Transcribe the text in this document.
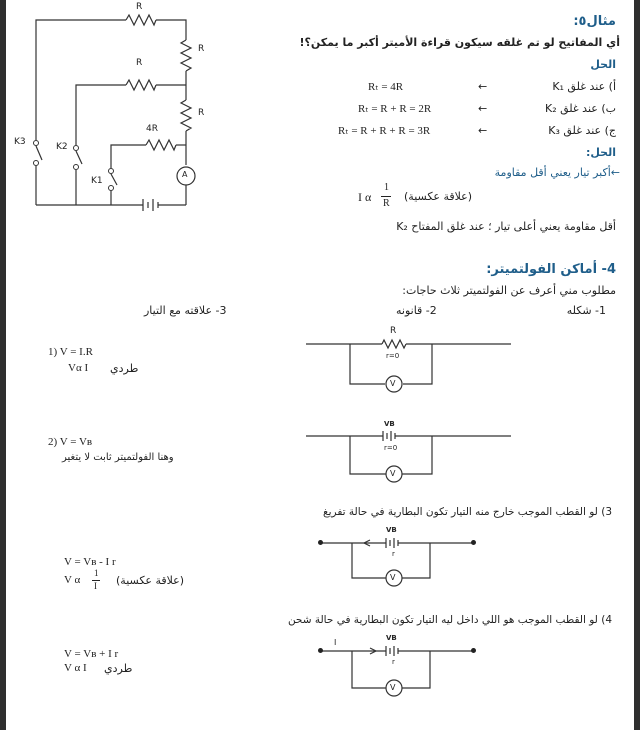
R
R
R
R
4R
K3	K2
K1
A
مثال٥:
أي المفاتيح لو تم غلقه سيكون قراءة الأميتر أكبر ما يمكن؟!
الحل
أ) عند غلق K₁
←
Rₜ = 4R
ب) عند غلق K₂
←
Rₜ = R + R = 2R
ج) عند غلق K₃
←
Rₜ = R + R + R = 3R
الحل:
←أكبر تيار يعني أقل مقاومة
I α
1
R
(علاقة عكسية)
أقل مقاومة يعني أعلى تيار ؛ عند غلق المفتاح K₂
4- أماكن الفولتميتر:
مطلوب مني أعرف عن الفولتميتر ثلاث حاجات:
1- شكله
2- قانونه
3- علاقته مع التيار
1) V = I.R
Vα I طردي
R
r=0
V
2) V = Vʙ
وهنا الفولتميتر ثابت لا يتغير
VB
r=0
V
3) لو القطب الموجب خارج منه التيار تكون البطارية في حالة تفريغ
VB
r
V
V = Vʙ - I r
V α
1
I (علاقة عكسية)
4) لو القطب الموجب هو اللي داخل ليه التيار تكون البطارية في حالة شحن
I	VB
r
V
V = Vʙ + I r
V α I طردي
